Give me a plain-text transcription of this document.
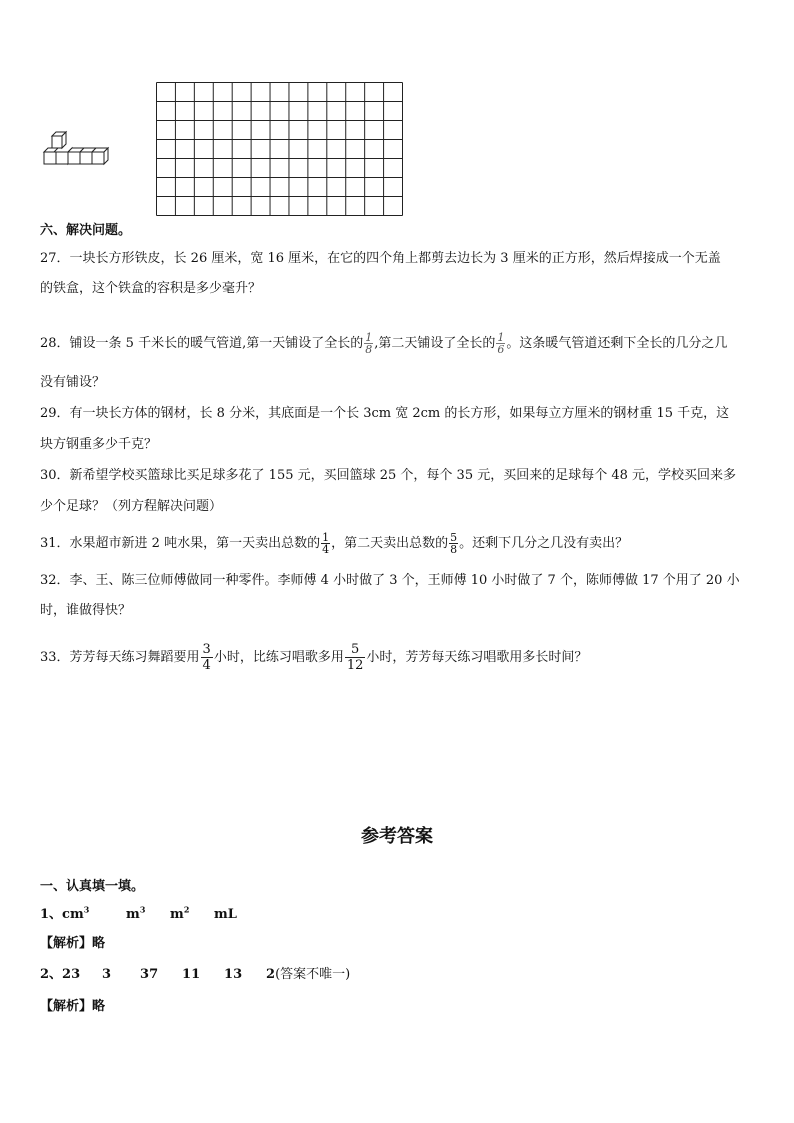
六、解决问题。
27．一块长方形铁皮，长 26 厘米，宽 16 厘米，在它的四个角上都剪去边长为 3 厘米的正方形，然后焊接成一个无盖
的铁盒，这个铁盒的容积是多少毫升？
28．铺设一条 5 千米长的暖气管道,第一天铺设了全长的 $\frac{1}{8}$ ,第二天铺设了全长的 $\frac{1}{6}$ 。这条暖气管道还剩下全长的几分之几
没有铺设？
29．有一块长方体的钢材，长 8 分米，其底面是一个长 3cm 宽 2cm 的长方形，如果每立方厘米的钢材重 15 千克，这
块方钢重多少千克？
30．新希望学校买篮球比买足球多花了 155 元，买回篮球 25 个，每个 35 元，买回来的足球每个 48 元，学校买回来多
少个足球？（列方程解决问题）
31．水果超市新进 2 吨水果，第一天卖出总数的 $\frac{1}{4}$ ，第二天卖出总数的 $\frac{5}{8}$ 。还剩下几分之几没有卖出？
32．李、王、陈三位师傅做同一种零件。李师傅 4 小时做了 3 个，王师傅 10 小时做了 7 个，陈师傅做 17 个用了 20 小
时，谁做得快？
33．芳芳每天练习舞蹈要用 $\frac{3}{4}$ 小时，比练习唱歌多用 $\frac{5}{12}$ 小时，芳芳每天练习唱歌用多长时间？
参考答案
一、认真填一填。
1、$cm^3$	$m^3$ $m^2$ mL
【解析】略
2、23 3 37 11 13 2(答案不唯一)
【解析】略
